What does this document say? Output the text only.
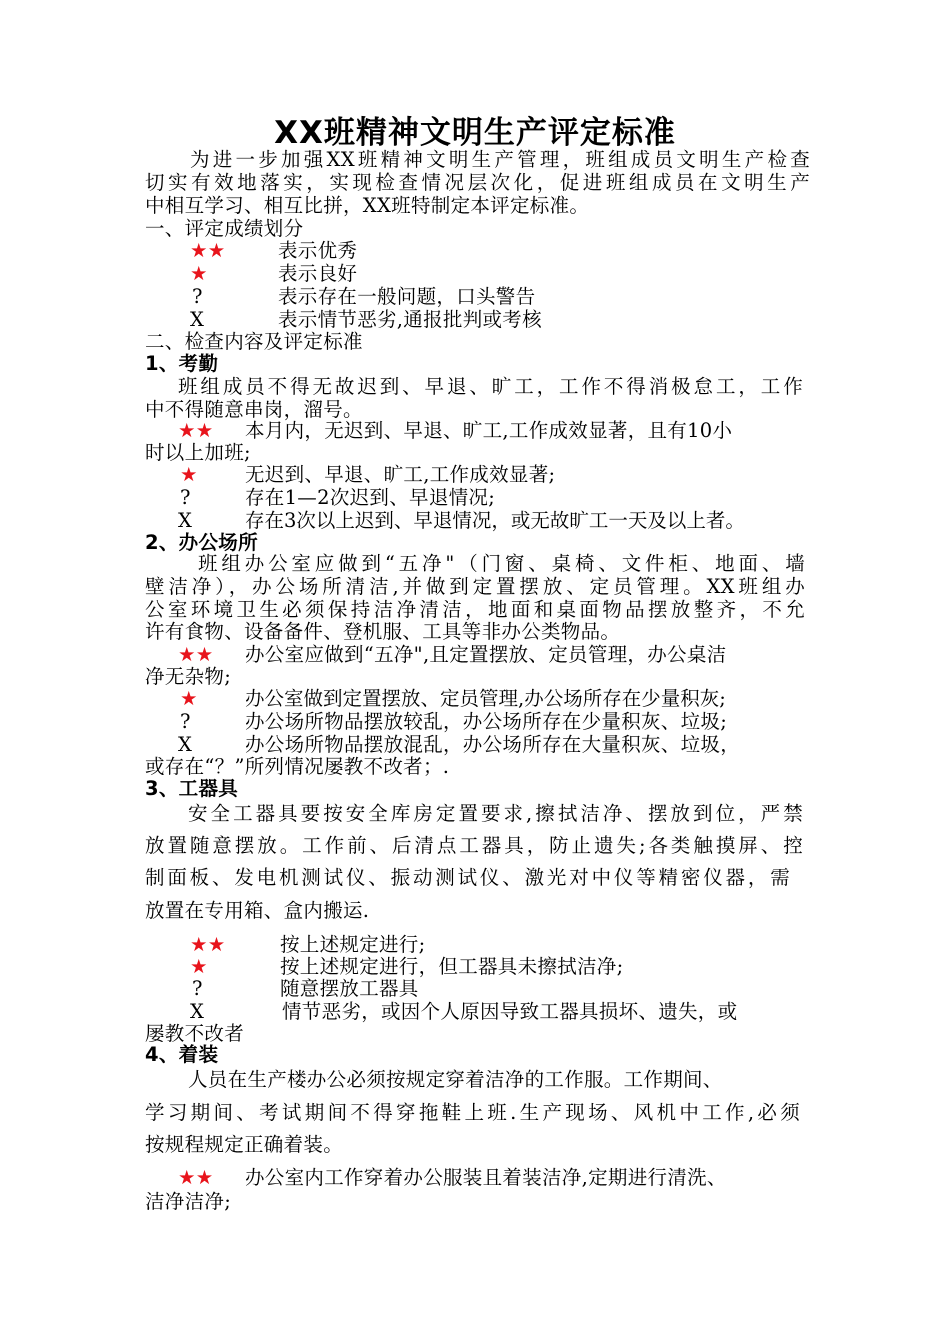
XX班精神文明生产评定标准
为进一步加强XX班精神文明生产管理，班组成员文明生产检查
切实有效地落实，实现检查情况层次化，促进班组成员在文明生产
中相互学习、相互比拼，XX班特制定本评定标准。
一、评定成绩划分
★★	表示优秀
★	表示良好
?	表示存在一般问题，口头警告
X	表示情节恶劣,通报批判或考核
二、检查内容及评定标准
1、考勤
班组成员不得无故迟到、早退、旷工，工作不得消极怠工，工作
中不得随意串岗，溜号。
★★ 本月内，无迟到、早退、旷工,工作成效显著，且有10小
时以上加班;
★ 无迟到、早退、旷工,工作成效显著;
?	存在1—2次迟到、早退情况;
X	存在3次以上迟到、早退情况，或无故旷工一天及以上者。
2、办公场所
班组办公室应做到“五净"（门窗、桌椅、文件柜、地面、墙
壁洁净），办公场所清洁,并做到定置摆放、定员管理。XX班组办
公室环境卫生必须保持洁净清洁，地面和桌面物品摆放整齐，不允
许有食物、设备备件、登机服、工具等非办公类物品。
★★ 办公室应做到“五净",且定置摆放、定员管理，办公桌洁
净无杂物;
★ 办公室做到定置摆放、定员管理,办公场所存在少量积灰;
?	办公场所物品摆放较乱，办公场所存在少量积灰、垃圾;
X	办公场所物品摆放混乱，办公场所存在大量积灰、垃圾，
或存在“？”所列情况屡教不改者；.
3、工器具
安全工器具要按安全库房定置要求,擦拭洁净、摆放到位，严禁
放置随意摆放。工作前、后清点工器具，防止遗失;各类触摸屏、控
制面板、发电机测试仪、振动测试仪、激光对中仪等精密仪器，需
放置在专用箱、盒内搬运.
★★	按上述规定进行;
★	按上述规定进行，但工器具未擦拭洁净;
?	随意摆放工器具
X	情节恶劣，或因个人原因导致工器具损坏、遗失，或
屡教不改者
4、着装
人员在生产楼办公必须按规定穿着洁净的工作服。工作期间、
学习期间、考试期间不得穿拖鞋上班.生产现场、风机中工作,必须
按规程规定正确着装。
★★ 办公室内工作穿着办公服装且着装洁净,定期进行清洗、
洁净洁净;
